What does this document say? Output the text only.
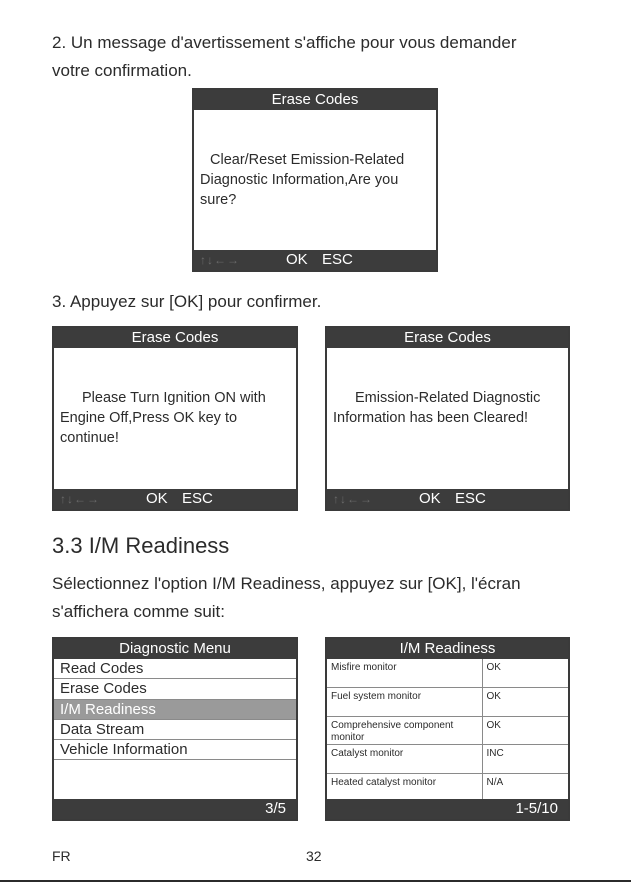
2. Un message d'avertissement s'affiche pour vous demander
votre confirmation.
Erase Codes
Clear/Reset Emission-Related
Diagnostic Information,Are you
sure?
↑↓←→	OK ESC
3. Appuyez sur [OK] pour confirmer.
Erase Codes
Please Turn Ignition ON with
Engine Off,Press OK key to
continue!
↑↓←→	OK ESC
Erase Codes
Emission-Related Diagnostic
Information has been Cleared!
↑↓←→	OK ESC
3.3 I/M Readiness
Sélectionnez l'option I/M Readiness, appuyez sur [OK], l'écran
s'affichera comme suit:
Diagnostic Menu
Read Codes
Erase Codes
I/M Readiness
Data Stream
Vehicle Information
3/5
I/M Readiness
Misfire monitor	OK
Fuel system monitor	OK
Comprehensive component monitor	OK
Catalyst monitor	INC
Heated catalyst monitor	N/A
1-5/10
FR	32
